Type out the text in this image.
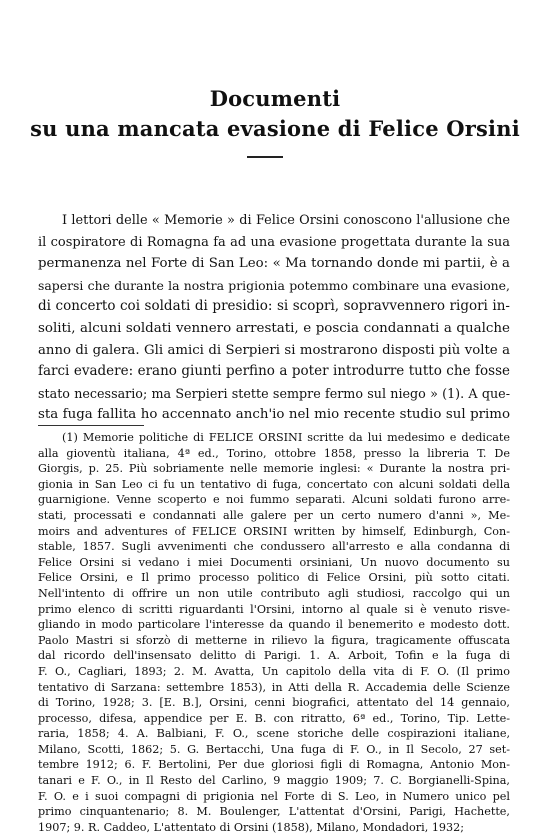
Documenti
su una mancata evasione di Felice Orsini
I lettori delle « Memorie » di Felice Orsini conoscono l'allusione che
il cospiratore di Romagna fa ad una evasione progettata durante la sua
permanenza nel Forte di San Leo: « Ma tornando donde mi partii, è a
sapersi che durante la nostra prigionia potemmo combinare una evasione,
di concerto coi soldati di presidio: si scoprì, sopravvennero rigori in-
soliti, alcuni soldati vennero arrestati, e poscia condannati a qualche
anno di galera. Gli amici di Serpieri si mostrarono disposti più volte a
farci evadere: erano giunti perfino a poter introdurre tutto che fosse
stato necessario; ma Serpieri stette sempre fermo sul niego » (1). A que-
sta fuga fallita ho accennato anch'io nel mio recente studio sul primo
(1) Memorie politiche di FELICE ORSINI scritte da lui medesimo e dedicate
alla gioventù italiana, 4ª ed., Torino, ottobre 1858, presso la libreria T. De
Giorgis, p. 25. Più sobriamente nelle memorie inglesi: « Durante la nostra pri-
gionia in San Leo ci fu un tentativo di fuga, concertato con alcuni soldati della
guarnigione. Venne scoperto e noi fummo separati. Alcuni soldati furono arre-
stati, processati e condannati alle galere per un certo numero d'anni », Me-
moirs and adventures of FELICE ORSINI written by himself, Edinburgh, Con-
stable, 1857. Sugli avvenimenti che condussero all'arresto e alla condanna di
Felice Orsini si vedano i miei Documenti orsiniani, Un nuovo documento su
Felice Orsini, e Il primo processo politico di Felice Orsini, più sotto citati.
Nell'intento di offrire un non utile contributo agli studiosi, raccolgo qui un
primo elenco di scritti riguardanti l'Orsini, intorno al quale si è venuto risve-
gliando in modo particolare l'interesse da quando il benemerito e modesto dott.
Paolo Mastri si sforzò di metterne in rilievo la figura, tragicamente offuscata
dal ricordo dell'insensato delitto di Parigi. 1. A. Arboit, Tofin e la fuga di
F. O., Cagliari, 1893; 2. M. Avatta, Un capitolo della vita di F. O. (Il primo
tentativo di Sarzana: settembre 1853), in Atti della R. Accademia delle Scienze
di Torino, 1928; 3. [E. B.], Orsini, cenni biografici, attentato del 14 gennaio,
processo, difesa, appendice per E. B. con ritratto, 6ª ed., Torino, Tip. Lette-
raria, 1858; 4. A. Balbiani, F. O., scene storiche delle cospirazioni italiane,
Milano, Scotti, 1862; 5. G. Bertacchi, Una fuga di F. O., in Il Secolo, 27 set-
tembre 1912; 6. F. Bertolini, Per due gloriosi figli di Romagna, Antonio Mon-
tanari e F. O., in Il Resto del Carlino, 9 maggio 1909; 7. C. Borgianelli-Spina,
F. O. e i suoi compagni di prigionia nel Forte di S. Leo, in Numero unico pel
primo cinquantenario; 8. M. Boulenger, L'attentat d'Orsini, Parigi, Hachette,
1907; 9. R. Caddeo, L'attentato di Orsini (1858), Milano, Mondadori, 1932;
